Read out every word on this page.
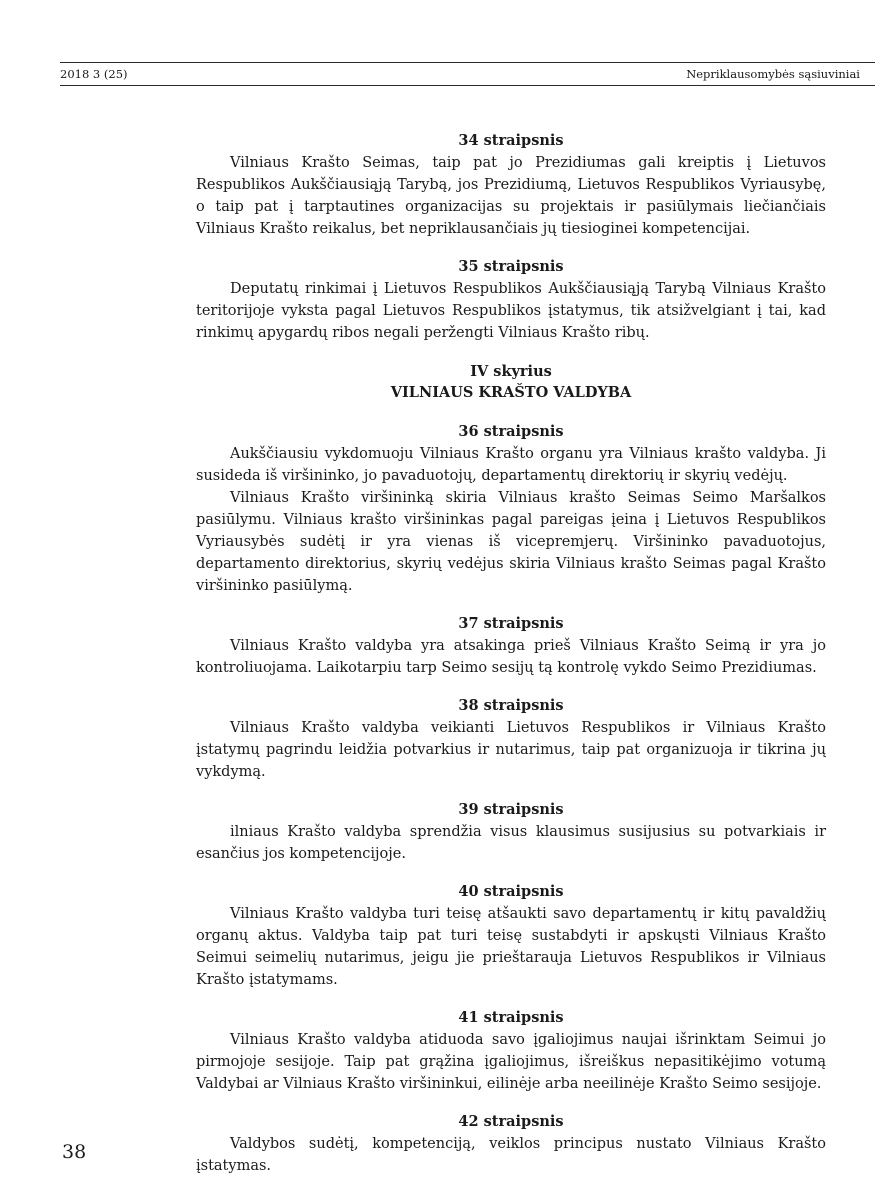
2018 3 (25)	Nepriklausomybės sąsiuviniai
34 straipsnis

Vilniaus Krašto Seimas, taip pat jo Prezidiumas gali kreiptis į Lietuvos Respublikos Aukščiausiąją Tarybą, jos Prezidiumą, Lietuvos Respublikos Vyriausybę, o taip pat į tarptautines organizacijas su projektais ir pasiūlymais liečiančiais Vilniaus Krašto reikalus, bet nepriklausančiais jų tiesioginei kompetencijai.

35 straipsnis

Deputatų rinkimai į Lietuvos Respublikos Aukščiausiąją Tarybą Vilniaus Krašto teritorijoje vyksta pagal Lietuvos Respublikos įstatymus, tik atsižvelgiant į tai, kad rinkimų apygardų ribos negali peržengti Vilniaus Krašto ribų.

IV skyrius
VILNIAUS KRAŠTO VALDYBA
36 straipsnis

Aukščiausiu vykdomuoju Vilniaus Krašto organu yra Vilniaus krašto valdyba. Ji susideda iš viršininko, jo pavaduotojų, departamentų direktorių ir skyrių vedėjų.

Vilniaus Krašto viršininką skiria Vilniaus krašto Seimas Seimo Maršalkos pasiūlymu. Vilniaus krašto viršininkas pagal pareigas įeina į Lietuvos Respublikos Vyriausybės sudėtį ir yra vienas iš vicepremjerų. Viršininko pavaduotojus, departamento direktorius, skyrių vedėjus skiria Vilniaus krašto Seimas pagal Krašto viršininko pasiūlymą.

37 straipsnis

Vilniaus Krašto valdyba yra atsakinga prieš Vilniaus Krašto Seimą ir yra jo kontroliuojama. Laikotarpiu tarp Seimo sesijų tą kontrolę vykdo Seimo Prezidiumas.

38 straipsnis

Vilniaus Krašto valdyba veikianti Lietuvos Respublikos ir Vilniaus Krašto įstatymų pagrindu leidžia potvarkius ir nutarimus, taip pat organizuoja ir tikrina jų vykdymą.

39 straipsnis

ilniaus Krašto valdyba sprendžia visus klausimus susijusius su potvarkiais ir esančius jos kompetencijoje.

40 straipsnis

Vilniaus Krašto valdyba turi teisę atšaukti savo departamentų ir kitų pavaldžių organų aktus. Valdyba taip pat turi teisę sustabdyti ir apskųsti Vilniaus Krašto Seimui seimelių nutarimus, jeigu jie prieštarauja Lietuvos Respublikos ir Vilniaus Krašto įstatymams.

41 straipsnis

Vilniaus Krašto valdyba atiduoda savo įgaliojimus naujai išrinktam Seimui jo pirmojoje sesijoje. Taip pat grąžina įgaliojimus, išreiškus nepasitikėjimo votumą Valdybai ar Vilniaus Krašto viršininkui, eilinėje arba neeilinėje Krašto Seimo sesijoje.

42 straipsnis

Valdybos sudėtį, kompetenciją, veiklos principus nustato Vilniaus Krašto įstatymas.

38
